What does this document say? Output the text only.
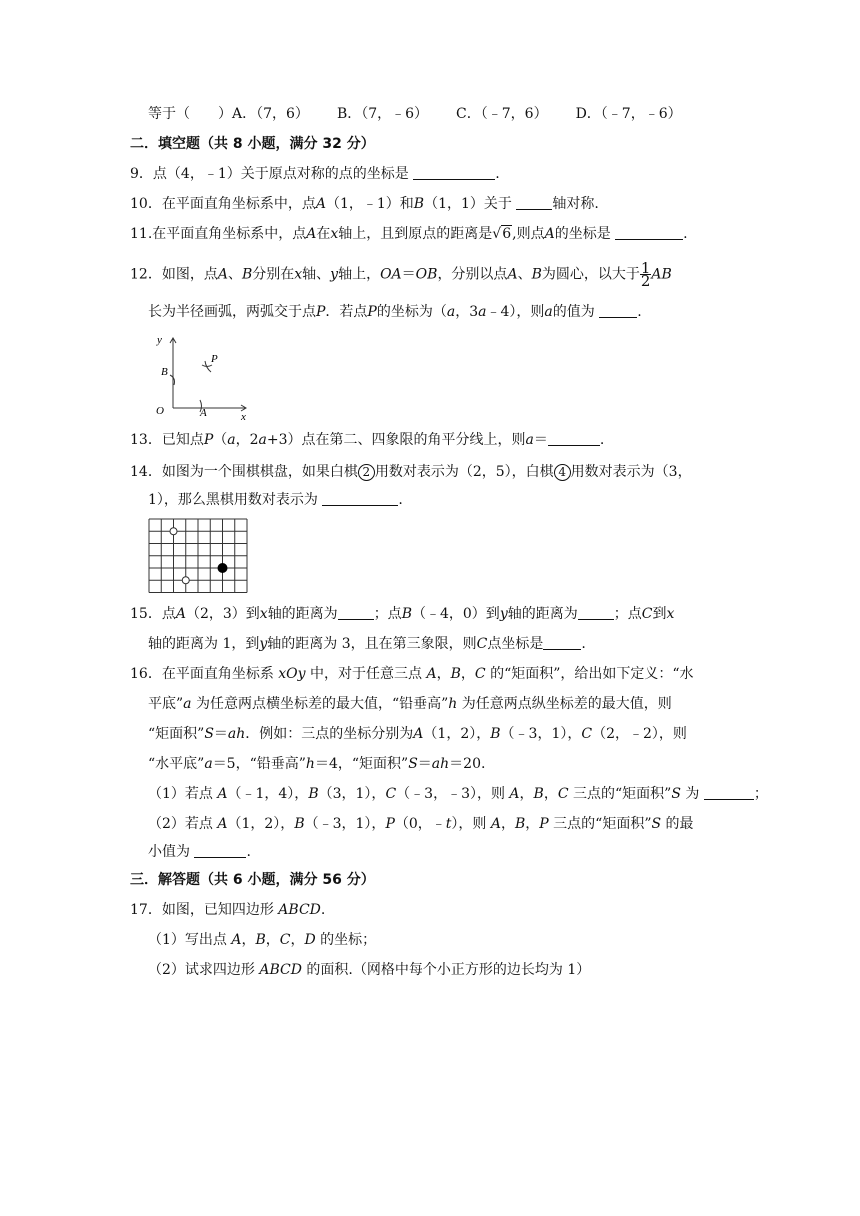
等于（　　）A．（7，6） B．（7，﹣6） C．（﹣7，6） D．（﹣7，﹣6）
二．填空题（共 8 小题，满分 32 分）
9．点（4，﹣1）关于原点对称的点的坐标是	.
10．在平面直角坐标系中，点A（1，﹣1）和B（1，1）关于	轴对称.
11.在平面直角坐标系中，点A在x轴上，且到原点的距离是√6,则点A的坐标是	.
12．如图，点A、B分别在x轴、y轴上，OA＝OB，分别以点A、B为圆心，以大于 $\frac{1}{2}$ AB
长为半径画弧，两弧交于点P．若点P的坐标为（a，3a﹣4），则a的值为	.
y
x
O	A
B
P
13．已知点P（a，2a+3）点在第二、四象限的角平分线上，则a＝	.
14．如图为一个围棋棋盘，如果白棋 2 用数对表示为（2，5），白棋 4 用数对表示为（3，
1），那么黑棋用数对表示为	.
15．点A（2，3）到x轴的距离为	；点B（﹣4，0）到y轴的距离为	；点C到x
轴的距离为 1，到y轴的距离为 3，且在第三象限，则C点坐标是	.
16．在平面直角坐标系 xOy 中，对于任意三点 A，B，C 的“矩面积”，给出如下定义：“水
平底”a 为任意两点横坐标差的最大值，“铅垂高”h 为任意两点纵坐标差的最大值，则
“矩面积”S＝ah．例如：三点的坐标分别为A（1，2），B（﹣3，1），C（2，﹣2），则
“水平底”a＝5，“铅垂高”h＝4，“矩面积”S＝ah＝20.
（1）若点 A（﹣1，4），B（3，1），C（﹣3，﹣3），则 A，B，C 三点的“矩面积”S 为	；
（2）若点 A（1，2），B（﹣3，1），P（0，﹣t），则 A，B，P 三点的“矩面积”S 的最
小值为	.
三．解答题（共 6 小题，满分 56 分）
17．如图，已知四边形 ABCD.
（1）写出点 A，B，C，D 的坐标；
（2）试求四边形 ABCD 的面积.（网格中每个小正方形的边长均为 1）
